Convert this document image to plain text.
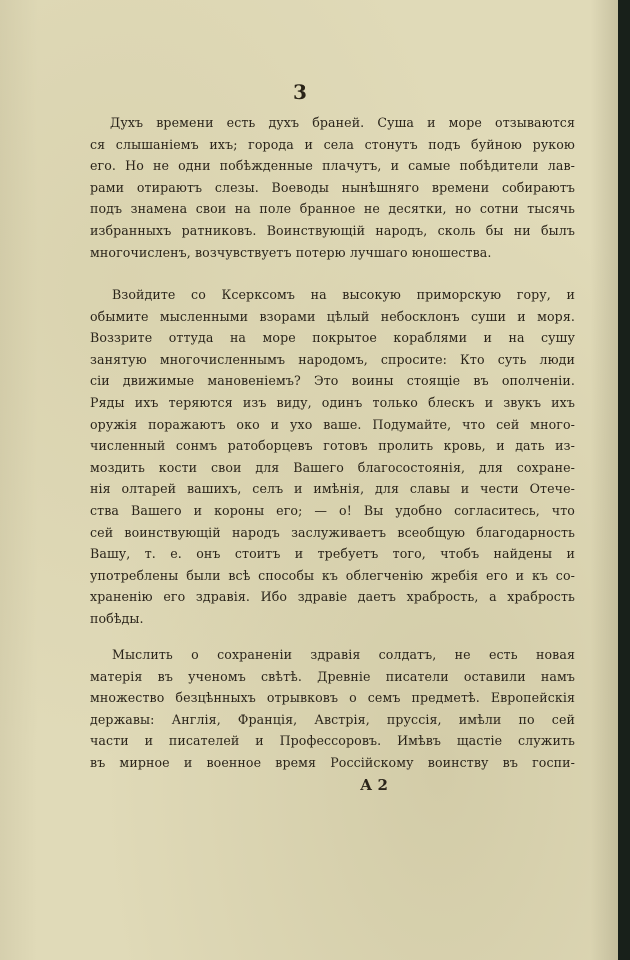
3
Духъ времени есть духъ браней. Суша и море отзываются
ся слышанiемъ ихъ; города и села стонутъ подъ буйною рукою
его. Но не одни побѣжденные плачутъ, и самые побѣдители лав-
рами отираютъ слезы. Воеводы нынѣшняго времени собираютъ
подъ знамена свои на поле бранное не десятки, но сотни тысячь
избранныхъ ратниковъ. Воинствующiй народъ, сколь бы ни былъ
многочисленъ, возчувствуетъ потерю лучшаго юношества.
Взойдите со Ксерксомъ на высокую приморскую гору, и
обымите мысленными взорами цѣлый небосклонъ суши и моря.
Воззрите оттуда на море покрытое кораблями и на сушу
занятую многочисленнымъ народомъ, спросите: Кто суть люди
сiи движимые мановенiемъ? Это воины стоящiе въ ополченiи.
Ряды ихъ теряются изъ виду, одинъ только блескъ и звукъ ихъ
оружiя поражаютъ око и ухо ваше. Подумайте, что сей много-
численный сонмъ ратоборцевъ готовъ пролить кровь, и дать из-
моздить кости свои для Вашего благосостоянiя, для сохране-
нiя олтарей вашихъ, селъ и имѣнiя, для славы и чести Отече-
ства Вашего и короны его; — о! Вы удобно согласитесь, что
сей воинствующiй народъ заслуживаетъ всеобщую благодарность
Вашу, т. е. онъ стоитъ и требуетъ того, чтобъ найдены и
употреблены были всѣ способы къ облегченiю жребiя его и къ со-
храненiю его здравiя. Ибо здравiе даетъ храбрость, а храбрость
побѣды.
Мыслить о сохраненiи здравiя солдатъ, не есть новая
матерiя въ ученомъ свѣтѣ. Древнiе писатели оставили намъ
множество безцѣнныхъ отрывковъ о семъ предметѣ. Европейскiя
державы: Англiя, Францiя, Австрiя, пруссiя, имѣли по сей
части и писателей и Профессоровъ. Имѣвъ щастiе служить
въ мирное и военное время Россiйскому воинству въ госпи-
А 2
